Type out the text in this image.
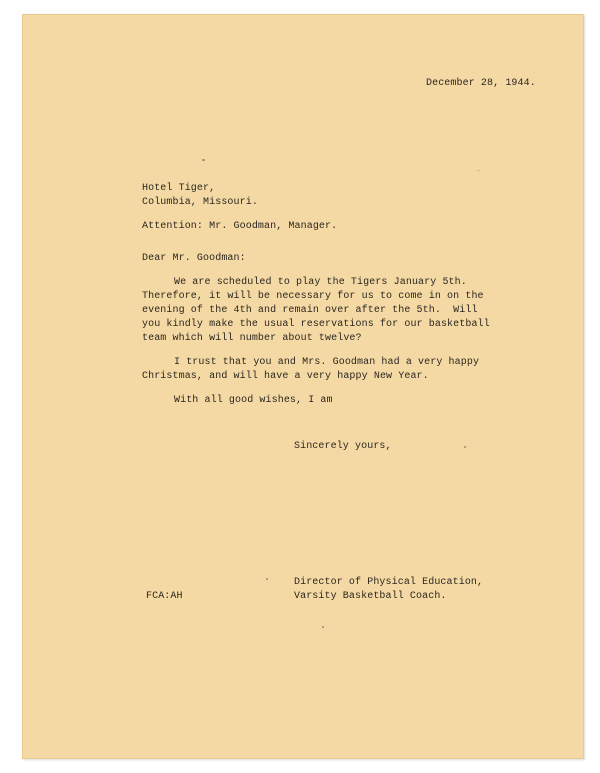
December 28, 1944.
Hotel Tiger,
Columbia, Missouri.
Attention: Mr. Goodman, Manager.
Dear Mr. Goodman:
We are scheduled to play the Tigers January 5th.
Therefore, it will be necessary for us to come in on the
evening of the 4th and remain over after the 5th.  Will
you kindly make the usual reservations for our basketball
team which will number about twelve?
I trust that you and Mrs. Goodman had a very happy
Christmas, and will have a very happy New Year.
With all good wishes, I am
Sincerely yours,
Director of Physical Education,
Varsity Basketball Coach.
FCA:AH
